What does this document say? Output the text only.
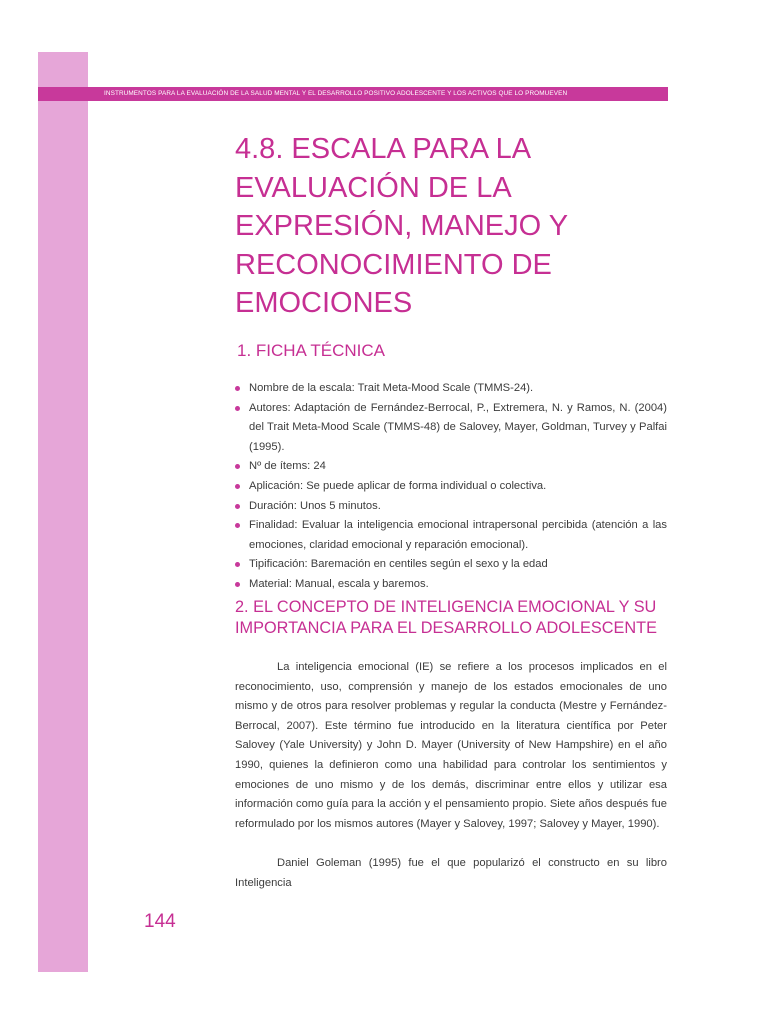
INSTRUMENTOS PARA LA EVALUACIÓN DE LA SALUD MENTAL Y EL DESARROLLO POSITIVO ADOLESCENTE Y LOS ACTIVOS QUE LO PROMUEVEN
4.8. ESCALA PARA LA
EVALUACIÓN DE LA
EXPRESIÓN, MANEJO Y
RECONOCIMIENTO DE
EMOCIONES
1. FICHA TÉCNICA
Nombre de la escala: Trait Meta-Mood Scale (TMMS-24).
Autores: Adaptación de Fernández-Berrocal, P., Extremera, N. y Ramos, N. (2004) del Trait Meta-Mood Scale (TMMS-48) de Salovey, Mayer, Goldman, Turvey y Palfai (1995).
Nº de ítems: 24
Aplicación: Se puede aplicar de forma individual o colectiva.
Duración: Unos 5 minutos.
Finalidad: Evaluar la inteligencia emocional intrapersonal percibida (atención a las emociones, claridad emocional y reparación emocional).
Tipificación: Baremación en centiles según el sexo y la edad
Material: Manual, escala y baremos.
2. EL CONCEPTO DE INTELIGENCIA EMOCIONAL Y SU
IMPORTANCIA PARA EL DESARROLLO ADOLESCENTE

La inteligencia emocional (IE) se refiere a los procesos implicados en el reconocimiento, uso, comprensión y manejo de los estados emocionales de uno mismo y de otros para resolver problemas y regular la conducta (Mestre y Fernández-Berrocal, 2007). Este término fue introducido en la literatura científica por Peter Salovey (Yale University) y John D. Mayer (University of New Hampshire) en el año 1990, quienes la definieron como una habilidad para controlar los sentimientos y emociones de uno mismo y de los demás, discriminar entre ellos y utilizar esa información como guía para la acción y el pensamiento propio. Siete años después fue reformulado por los mismos autores (Mayer y Salovey, 1997; Salovey y Mayer, 1990).

Daniel Goleman (1995) fue el que popularizó el constructo en su libro Inteligencia

144
